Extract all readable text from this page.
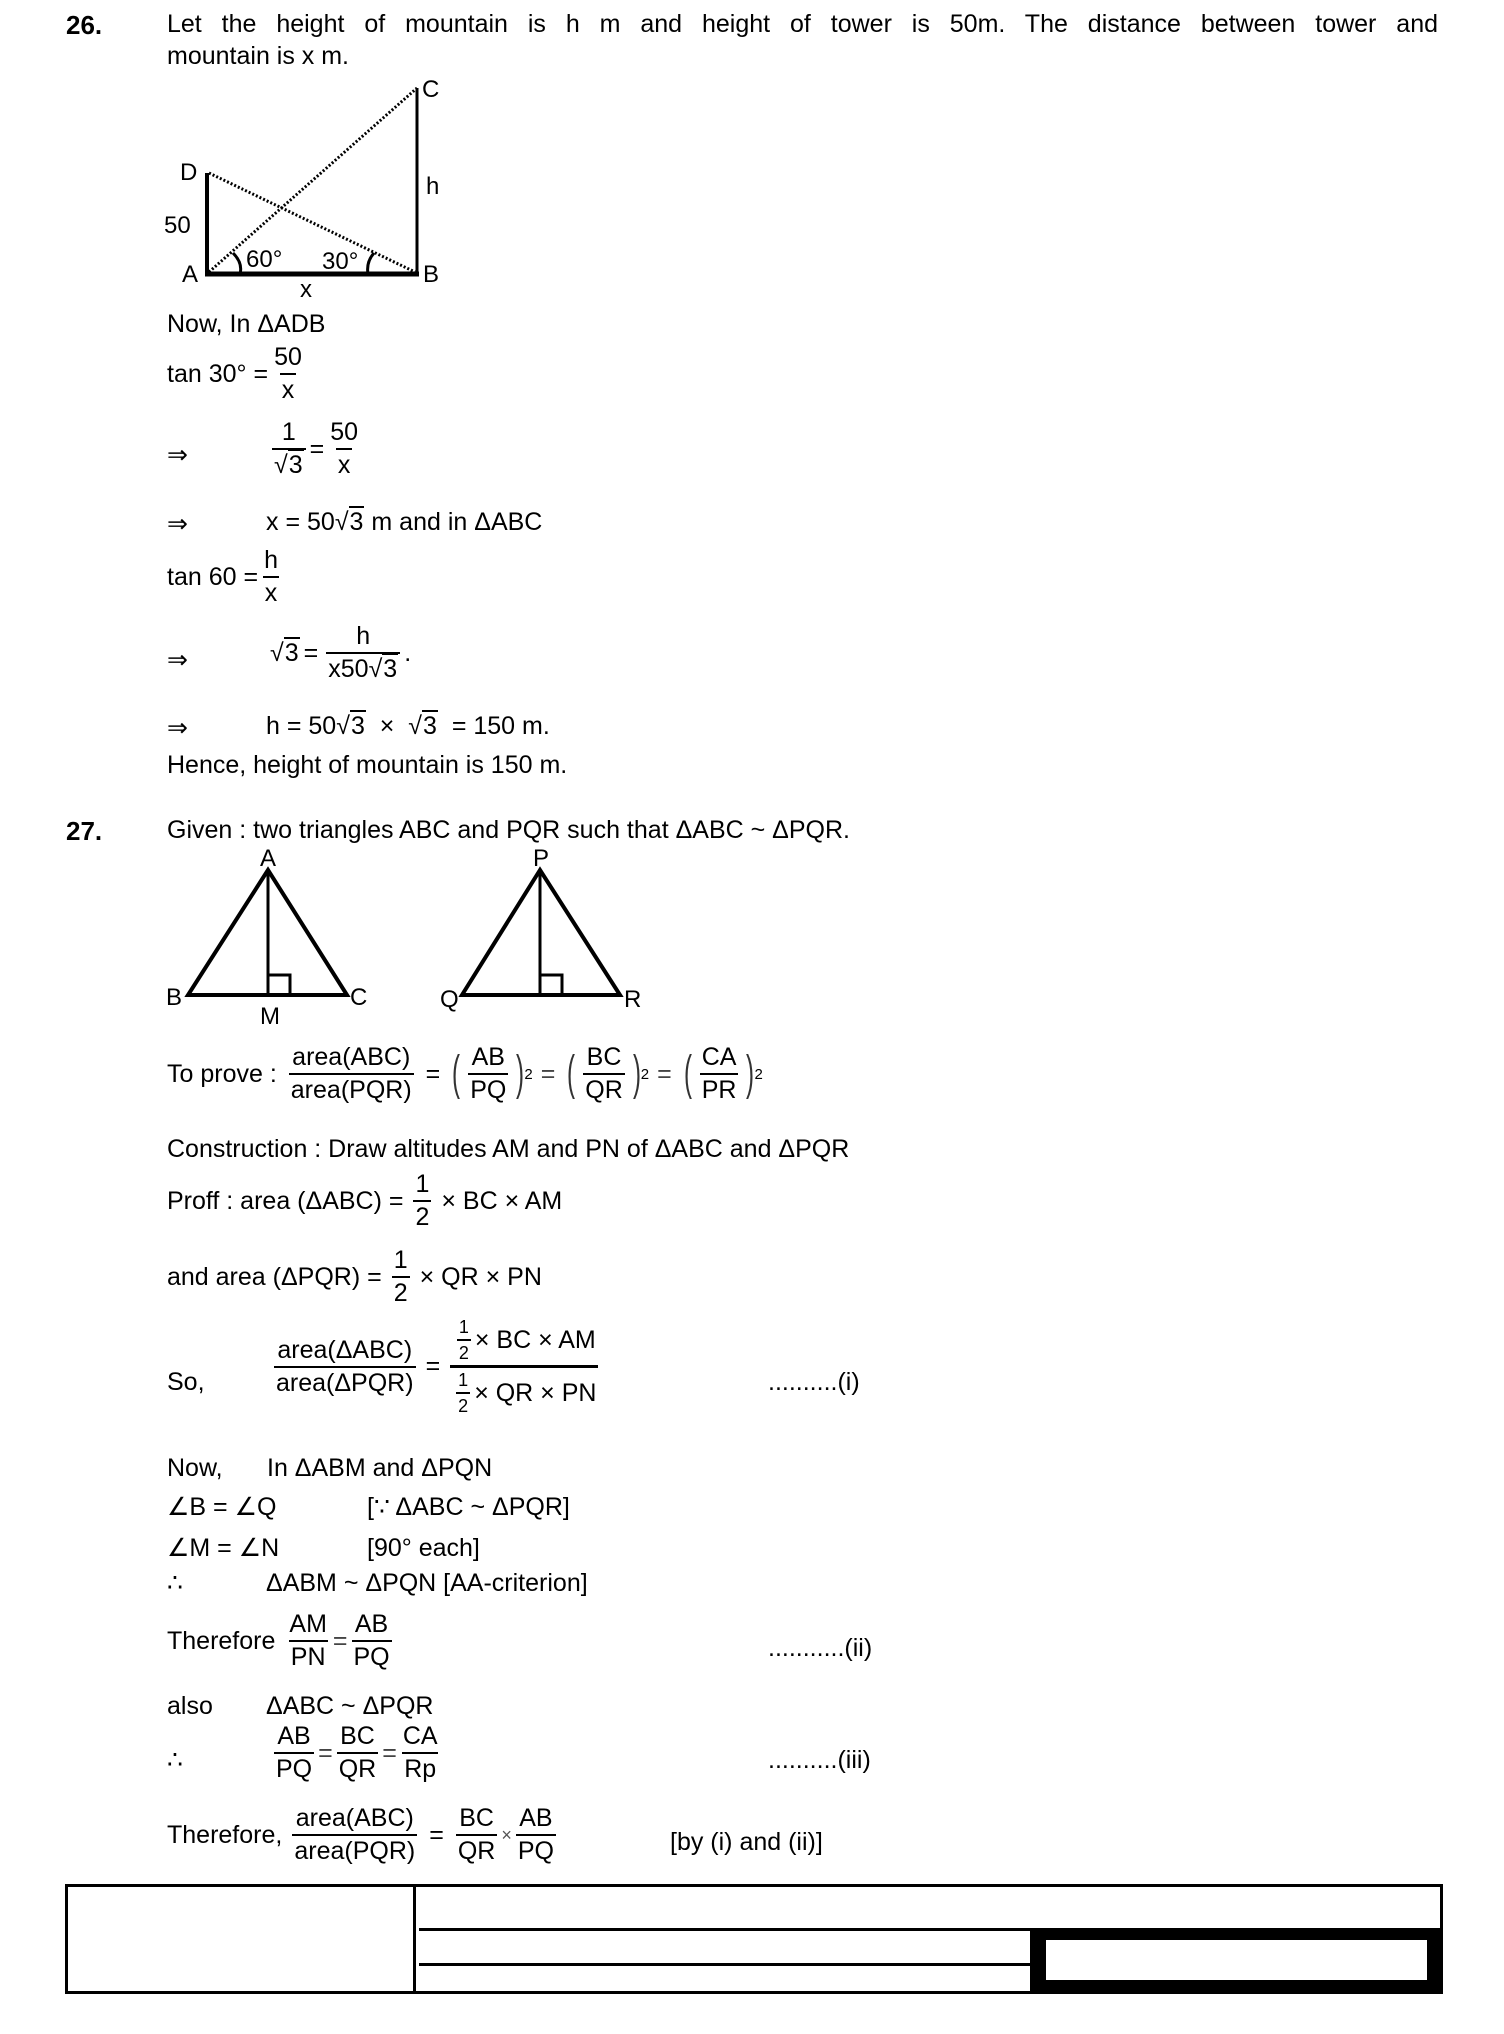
26.	Let the height of mountain is h m and height of tower is 50m. The distance between tower and
mountain is x m.
D
50
A	B
C
h
x
60° 30°
Now, In ΔADB
$\tan 30^\circ = \frac{50}{x}$
⇒	$\frac{1}{√3} = \frac{50}{x}$
⇒	x =
50 √3
m and in ΔABC
$\tan 60 = \frac{h}{x}$
⇒	$√3 = \frac{h}{x50√3}$ .
⇒	h =
50 √3
×
√3
= 150 m.
Hence, height of mountain is 150 m.
27.	Given : two triangles ABC and PQR such that ΔABC ~ ΔPQR.
A
B	C
M
P
Q	R
To prove : $\frac{\text{area(ABC)}}{\text{area(PQR)}}$ = ( $\frac{AB}{PQ}$ ) 2 = ( $\frac{BC}{QR}$ ) 2 = ( $\frac{CA}{PR}$ ) 2
Construction : Draw altitudes AM and PN of ΔABC and ΔPQR
Proff : area $(\Delta ABC) = \frac{1}{2}$ × BC × AM
and area $(\Delta PQR) = \frac{1}{2}$ × QR × PN
So,	$\frac{\text{area(ΔABC)}}{\text{area(ΔPQR)}} = \frac{\frac{1}{2} \times BC \times AM}{\frac{1}{2} \times QR \times PN}$	..........(i)
Now, In ΔABM and ΔPQN
∠B = ∠Q	[∵ ΔABC ~ ΔPQR]
∠M = ∠N	[90° each]
∴	ΔABM ~ ΔPQN [AA-criterion]
Therefore $\frac{AM}{PN} = \frac{AB}{PQ}$	...........(ii)
also ΔABC ~ ΔPQR
∴	$\frac{AB}{PQ} = \frac{BC}{QR} = \frac{CA}{Rp}$	..........(iii)
Therefore, $\frac{\text{area(ABC)}}{\text{area(PQR)}} = \frac{BC}{QR} \times \frac{AB}{PQ}$	[by (i) and (ii)]
